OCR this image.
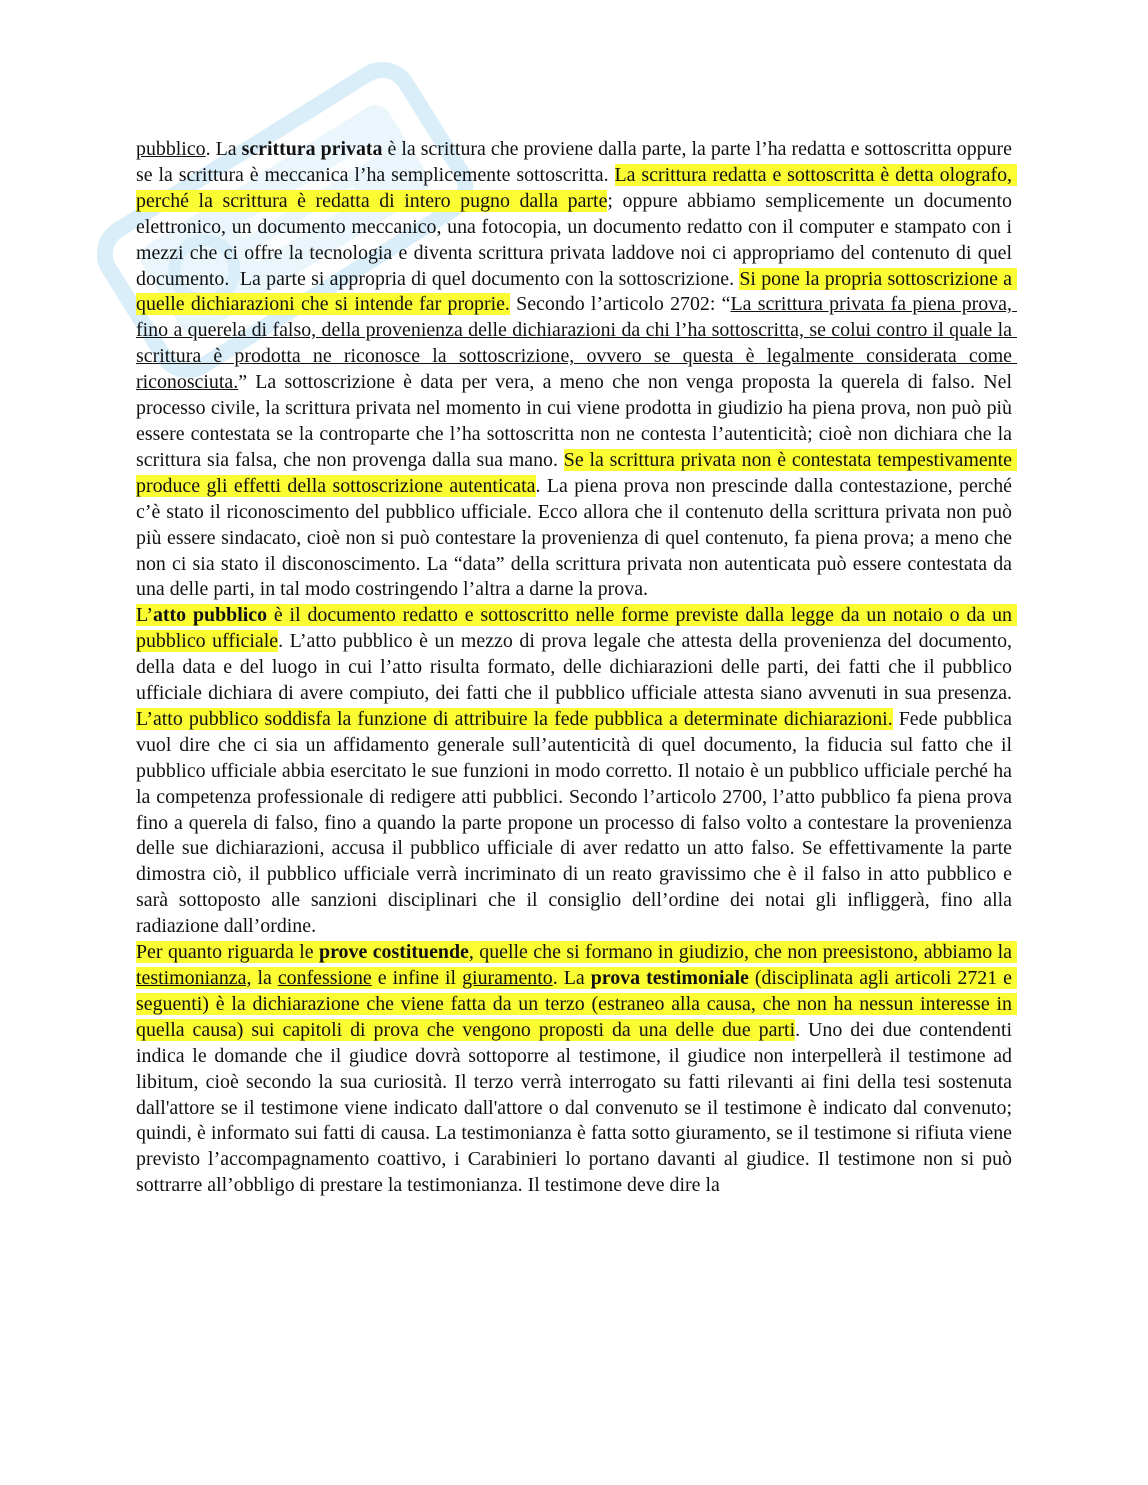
pubblico. La scrittura privata è la scrittura che proviene dalla parte, la parte l’ha redatta e sottoscritta oppure se la scrittura è meccanica l’ha semplicemente sottoscritta. La scrittura redatta e sottoscritta è detta olografo, perché la scrittura è redatta di intero pugno dalla parte; oppure abbiamo semplicemente un documento elettronico, un documento meccanico, una fotocopia, un documento redatto con il computer e stampato con i mezzi che ci offre la tecnologia e diventa scrittura privata laddove noi ci appropriamo del contenuto di quel documento.  La parte si appropria di quel documento con la sottoscrizione. Si pone la propria sottoscrizione a quelle dichiarazioni che si intende far proprie. Secondo l’articolo 2702: “La scrittura privata fa piena prova, fino a querela di falso, della provenienza delle dichiarazioni da chi l’ha sottoscritta, se colui contro il quale la scrittura è prodotta ne riconosce la sottoscrizione, ovvero se questa è legalmente considerata come riconosciuta.” La sottoscrizione è data per vera, a meno che non venga proposta la querela di falso. Nel processo civile, la scrittura privata nel momento in cui viene prodotta in giudizio ha piena prova, non può più essere contestata se la controparte che l’ha sottoscritta non ne contesta l’autenticità; cioè non dichiara che la scrittura sia falsa, che non provenga dalla sua mano. Se la scrittura privata non è contestata tempestivamente produce gli effetti della sottoscrizione autenticata. La piena prova non prescinde dalla contestazione, perché c’è stato il riconoscimento del pubblico ufficiale. Ecco allora che il contenuto della scrittura privata non può più essere sindacato, cioè non si può contestare la provenienza di quel contenuto, fa piena prova; a meno che non ci sia stato il disconoscimento. La “data” della scrittura privata non autenticata può essere contestata da una delle parti, in tal modo costringendo l’altra a darne la prova.

L’atto pubblico è il documento redatto e sottoscritto nelle forme previste dalla legge da un notaio o da un pubblico ufficiale. L’atto pubblico è un mezzo di prova legale che attesta della provenienza del documento, della data e del luogo in cui l’atto risulta formato, delle dichiarazioni delle parti, dei fatti che il pubblico ufficiale dichiara di avere compiuto, dei fatti che il pubblico ufficiale attesta siano avvenuti in sua presenza. L’atto pubblico soddisfa la funzione di attribuire la fede pubblica a determinate dichiarazioni. Fede pubblica vuol dire che ci sia un affidamento generale sull’autenticità di quel documento, la fiducia sul fatto che il pubblico ufficiale abbia esercitato le sue funzioni in modo corretto. Il notaio è un pubblico ufficiale perché ha la competenza professionale di redigere atti pubblici. Secondo l’articolo 2700, l’atto pubblico fa piena prova fino a querela di falso, fino a quando la parte propone un processo di falso volto a contestare la provenienza delle sue dichiarazioni, accusa il pubblico ufficiale di aver redatto un atto falso. Se effettivamente la parte dimostra ciò, il pubblico ufficiale verrà incriminato di un reato gravissimo che è il falso in atto pubblico e sarà sottoposto alle sanzioni disciplinari che il consiglio dell’ordine dei notai gli infliggerà, fino alla radiazione dall’ordine.

Per quanto riguarda le prove costituende, quelle che si formano in giudizio, che non preesistono, abbiamo la testimonianza, la confessione e infine il giuramento. La prova testimoniale (disciplinata agli articoli 2721 e seguenti) è la dichiarazione che viene fatta da un terzo (estraneo alla causa, che non ha nessun interesse in quella causa) sui capitoli di prova che vengono proposti da una delle due parti. Uno dei due contendenti indica le domande che il giudice dovrà sottoporre al testimone, il giudice non interpellerà il testimone ad libitum, cioè secondo la sua curiosità. Il terzo verrà interrogato su fatti rilevanti ai fini della tesi sostenuta dall'attore se il testimone viene indicato dall'attore o dal convenuto se il testimone è indicato dal convenuto; quindi, è informato sui fatti di causa. La testimonianza è fatta sotto giuramento, se il testimone si rifiuta viene previsto l’accompagnamento coattivo, i Carabinieri lo portano davanti al giudice. Il testimone non si può sottrarre all’obbligo di prestare la testimonianza. Il testimone deve dire la
